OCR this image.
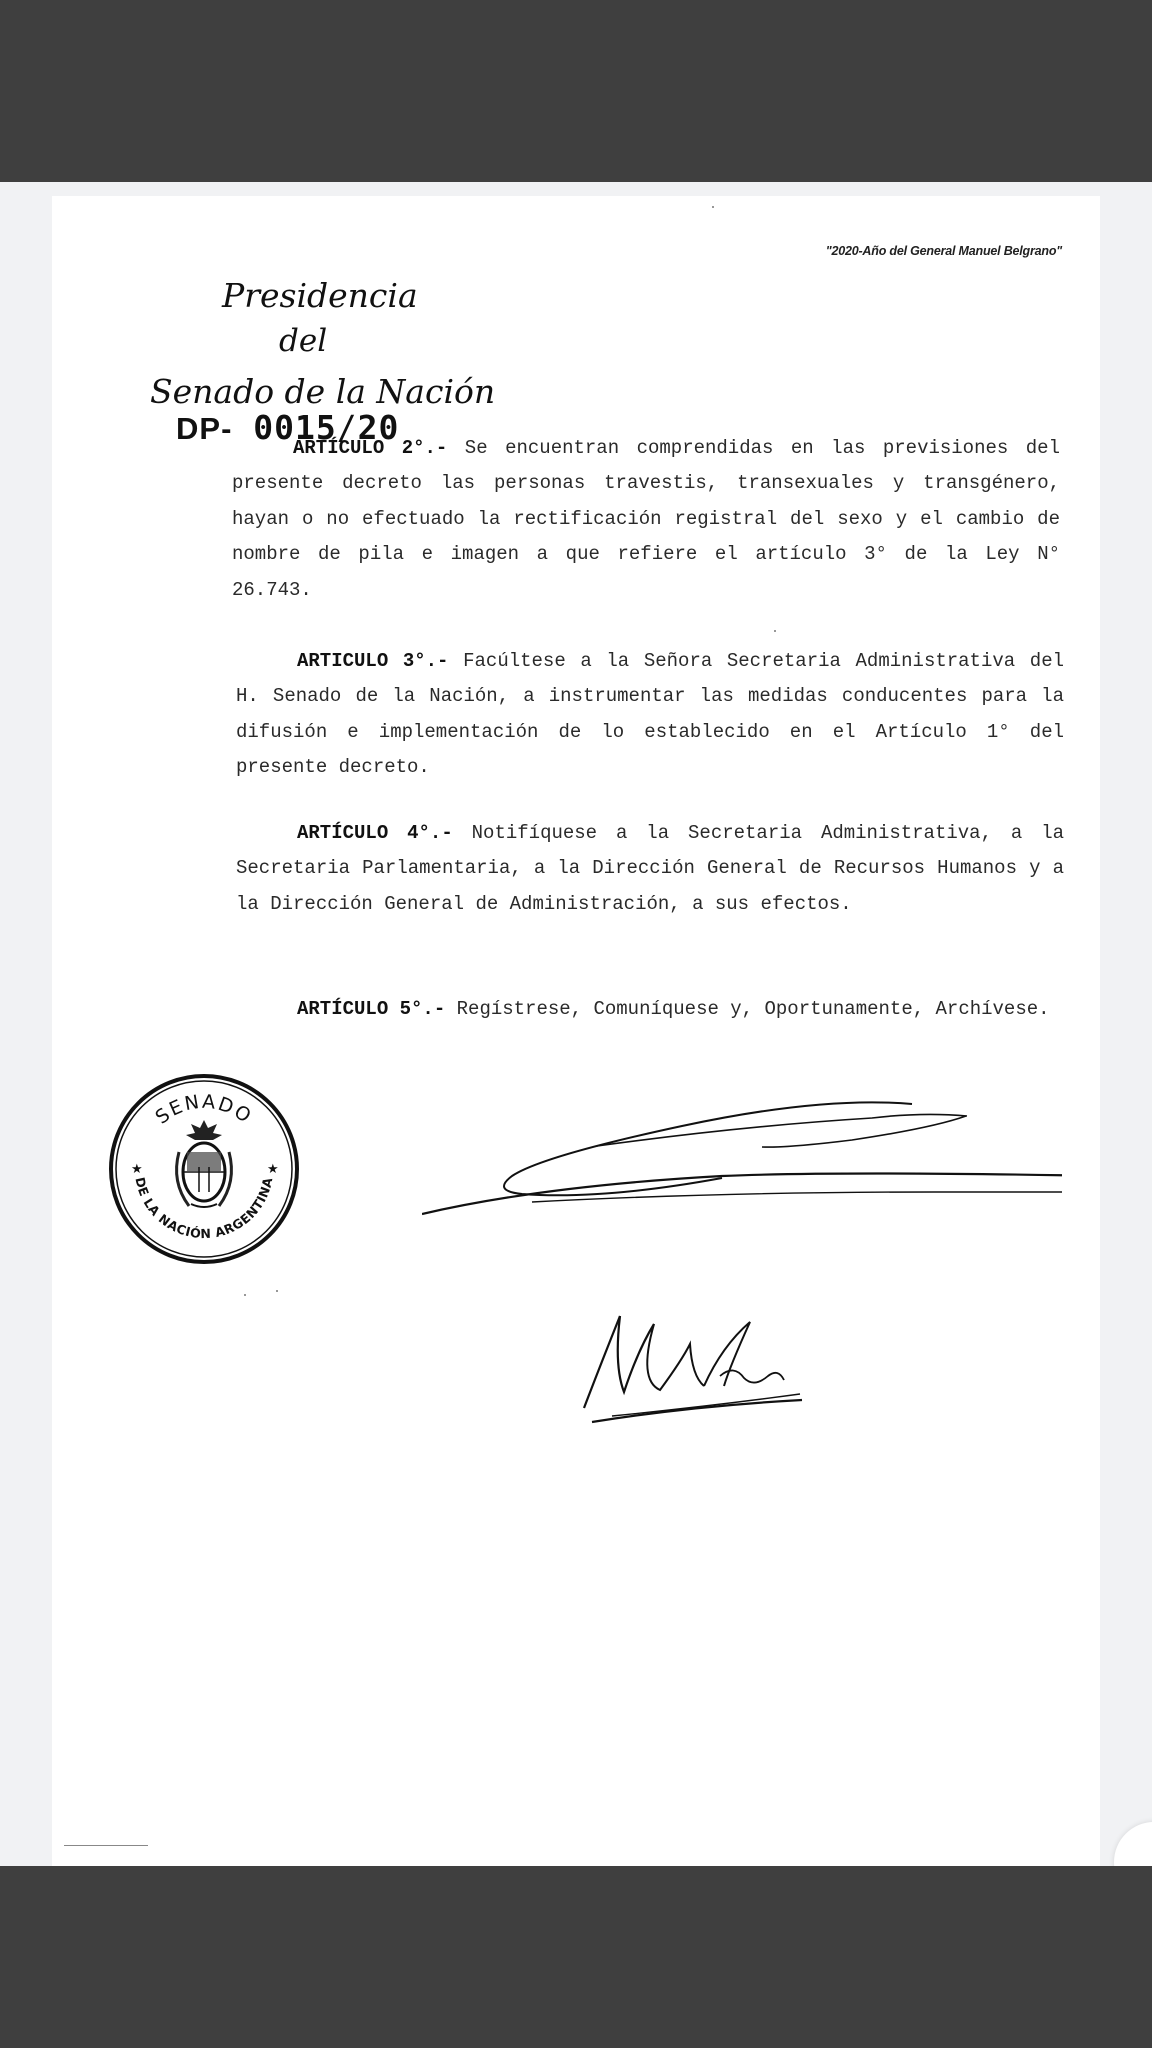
"2020-Año del General Manuel Belgrano"
Presidencia
del
Senado de la Nación
DP- 0015/20
ARTÍCULO 2°.- Se encuentran comprendidas en las previsiones del presente decreto las personas travestis, transexuales y transgénero, hayan o no efectuado la rectificación registral del sexo y el cambio de nombre de pila e imagen a que refiere el artículo 3° de la Ley N° 26.743.
ARTICULO 3°.- Facúltese a la Señora Secretaria Administrativa del H. Senado de la Nación, a instrumentar las medidas conducentes para la difusión e implementación de lo establecido en el Artículo 1° del presente decreto.
ARTÍCULO 4°.- Notifíquese a la Secretaria Administrativa, a la Secretaria Parlamentaria, a la Dirección General de Recursos Humanos y a la Dirección General de Administración, a sus efectos.
ARTÍCULO 5°.- Regístrese, Comuníquese y, Oportunamente, Archívese.
SENADO
DE LA NACIÓN ARGENTINA
★	★
